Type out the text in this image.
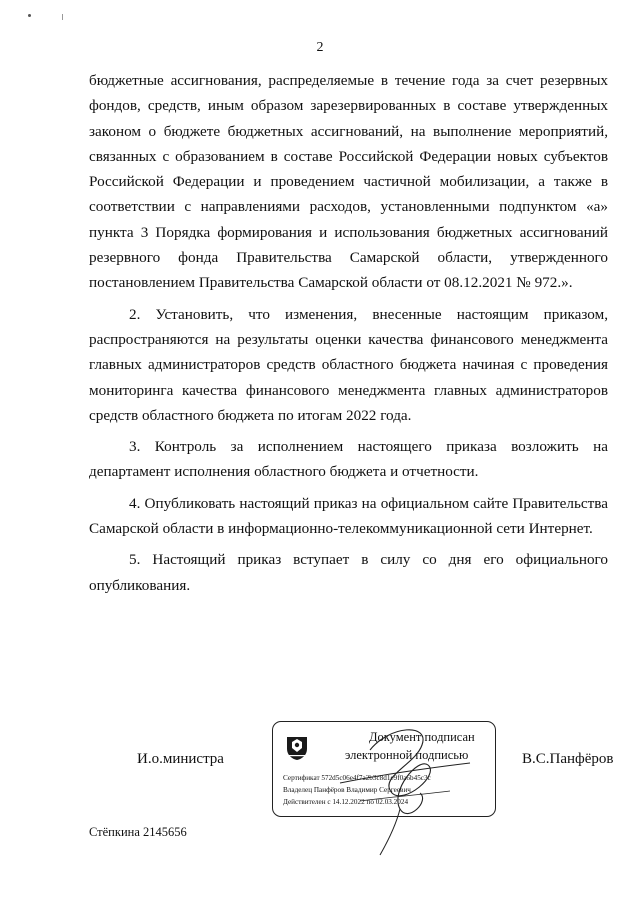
2

бюджетные ассигнования, распределяемые в течение года за счет резервных фондов, средств, иным образом зарезервированных в составе утвержденных законом о бюджете бюджетных ассигнований, на выполнение мероприятий, связанных с образованием в составе Российской Федерации новых субъектов Российской Федерации и проведением частичной мобилизации, а также в соответствии с направлениями расходов, установленными подпунктом «а» пункта 3 Порядка формирования и использования бюджетных ассигнований резервного фонда Правительства Самарской области, утвержденного постановлением Правительства Самарской области от 08.12.2021 № 972.».

2. Установить, что изменения, внесенные настоящим приказом, распространяются на результаты оценки качества финансового менеджмента главных администраторов средств областного бюджета начиная с проведения мониторинга качества финансового менеджмента главных администраторов средств областного бюджета по итогам 2022 года.

3. Контроль за исполнением настоящего приказа возложить на департамент исполнения областного бюджета и отчетности.

4. Опубликовать настоящий приказ на официальном сайте Правительства Самарской области в информационно-телекоммуникационной сети Интернет.

5. Настоящий приказ вступает в силу со дня его официального опубликования.

И.о.министра	В.С.Панфёров
Документ подписан
электронной подписью
Сертификат 572d5c06e4f7a2b3c8d1e9f0a6b45c3c
Владелец Панфёров Владимир Сергеевич
Действителен с 14.12.2022 по 02.03.2024
Стёпкина 2145656
